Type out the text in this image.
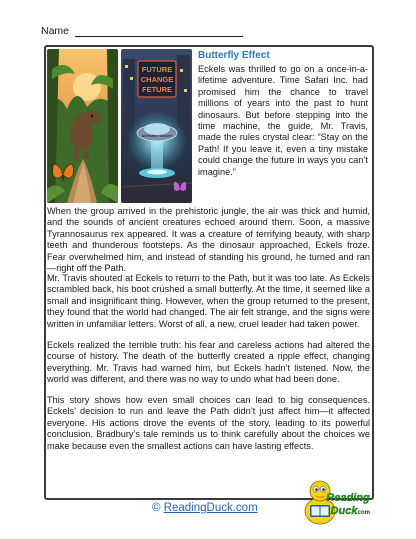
Name
FUTURE
CHANGE
FETURE
BUTTERFLY EFFECT
Butterfly Effect

Eckels was thrilled to go on a once-in-a-lifetime adventure. Time Safari Inc. had promised him the chance to travel millions of years into the past to hunt dinosaurs. But before stepping into the time machine, the guide, Mr. Travis, made the rules crystal clear: “Stay on the Path! If you leave it, even a tiny mistake could change the future in ways you can’t imagine.”

When the group arrived in the prehistoric jungle, the air was thick and humid, and the sounds of ancient creatures echoed around them. Soon, a massive Tyrannosaurus rex appeared. It was a creature of terrifying beauty, with sharp teeth and thunderous footsteps. As the dinosaur approached, Eckels froze. Fear overwhelmed him, and instead of standing his ground, he turned and ran—right off the Path.

Mr. Travis shouted at Eckels to return to the Path, but it was too late. As Eckels scrambled back, his boot crushed a small butterfly. At the time, it seemed like a small and insignificant thing. However, when the group returned to the present, they found that the world had changed. The air felt strange, and the signs were written in unfamiliar letters. Worst of all, a new, cruel leader had taken power.

Eckels realized the terrible truth: his fear and careless actions had altered the course of history. The death of the butterfly created a ripple effect, changing everything. Mr. Travis had warned him, but Eckels hadn’t listened. Now, the world was different, and there was no way to undo what had been done.

This story shows how even small choices can lead to big consequences. Eckels’ decision to run and leave the Path didn’t just affect him—it affected everyone. His actions drove the events of the story, leading to its powerful conclusion. Bradbury’s tale reminds us to think carefully about the choices we make because even the smallest actions can have lasting effects.

© ReadingDuck.com
Reading
Duck
.com
